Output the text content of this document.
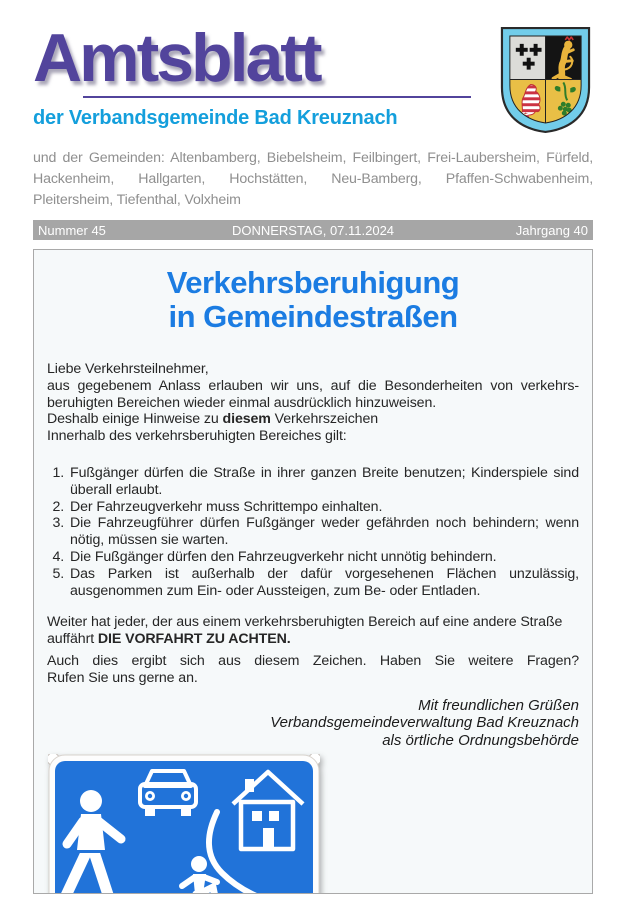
Amtsblatt
der Verbandsgemeinde Bad Kreuznach

und der Gemeinden: Altenbamberg, Biebelsheim, Feilbingert, Frei-Laubersheim, Fürfeld, Hackenheim, Hallgarten, Hochstätten, Neu-Bamberg, Pfaffen-Schwabenheim, Pleitersheim, Tiefenthal, Volxheim

Nummer 45	DONNERSTAG, 07.11.2024	Jahrgang 40
Verkehrsberuhigung
in Gemeindestraßen
Liebe Verkehrsteilnehmer,
aus gegebenem Anlass erlauben wir uns, auf die Besonderheiten von verkehrs-
beruhigten Bereichen wieder einmal ausdrücklich hinzuweisen.
Deshalb einige Hinweise zu diesem Verkehrszeichen
Innerhalb des verkehrsberuhigten Bereiches gilt:
1. Fußgänger dürfen die Straße in ihrer ganzen Breite benutzen; Kinderspiele sind überall erlaubt.
2. Der Fahrzeugverkehr muss Schrittempo einhalten.
3. Die Fahrzeugführer dürfen Fußgänger weder gefährden noch behindern; wenn nötig, müssen sie warten.
4. Die Fußgänger dürfen den Fahrzeugverkehr nicht unnötig behindern.
5. Das Parken ist außerhalb der dafür vorgesehenen Flächen unzulässig, ausgenommen zum Ein- oder Aussteigen, zum Be- oder Entladen.
Weiter hat jeder, der aus einem verkehrsberuhigten Bereich auf eine andere Straße
auffährt DIE VORFAHRT ZU ACHTEN.
Auch dies ergibt sich aus diesem Zeichen. Haben Sie weitere Fragen?
Rufen Sie uns gerne an.
Mit freundlichen Grüßen
Verbandsgemeindeverwaltung Bad Kreuznach
als örtliche Ordnungsbehörde
